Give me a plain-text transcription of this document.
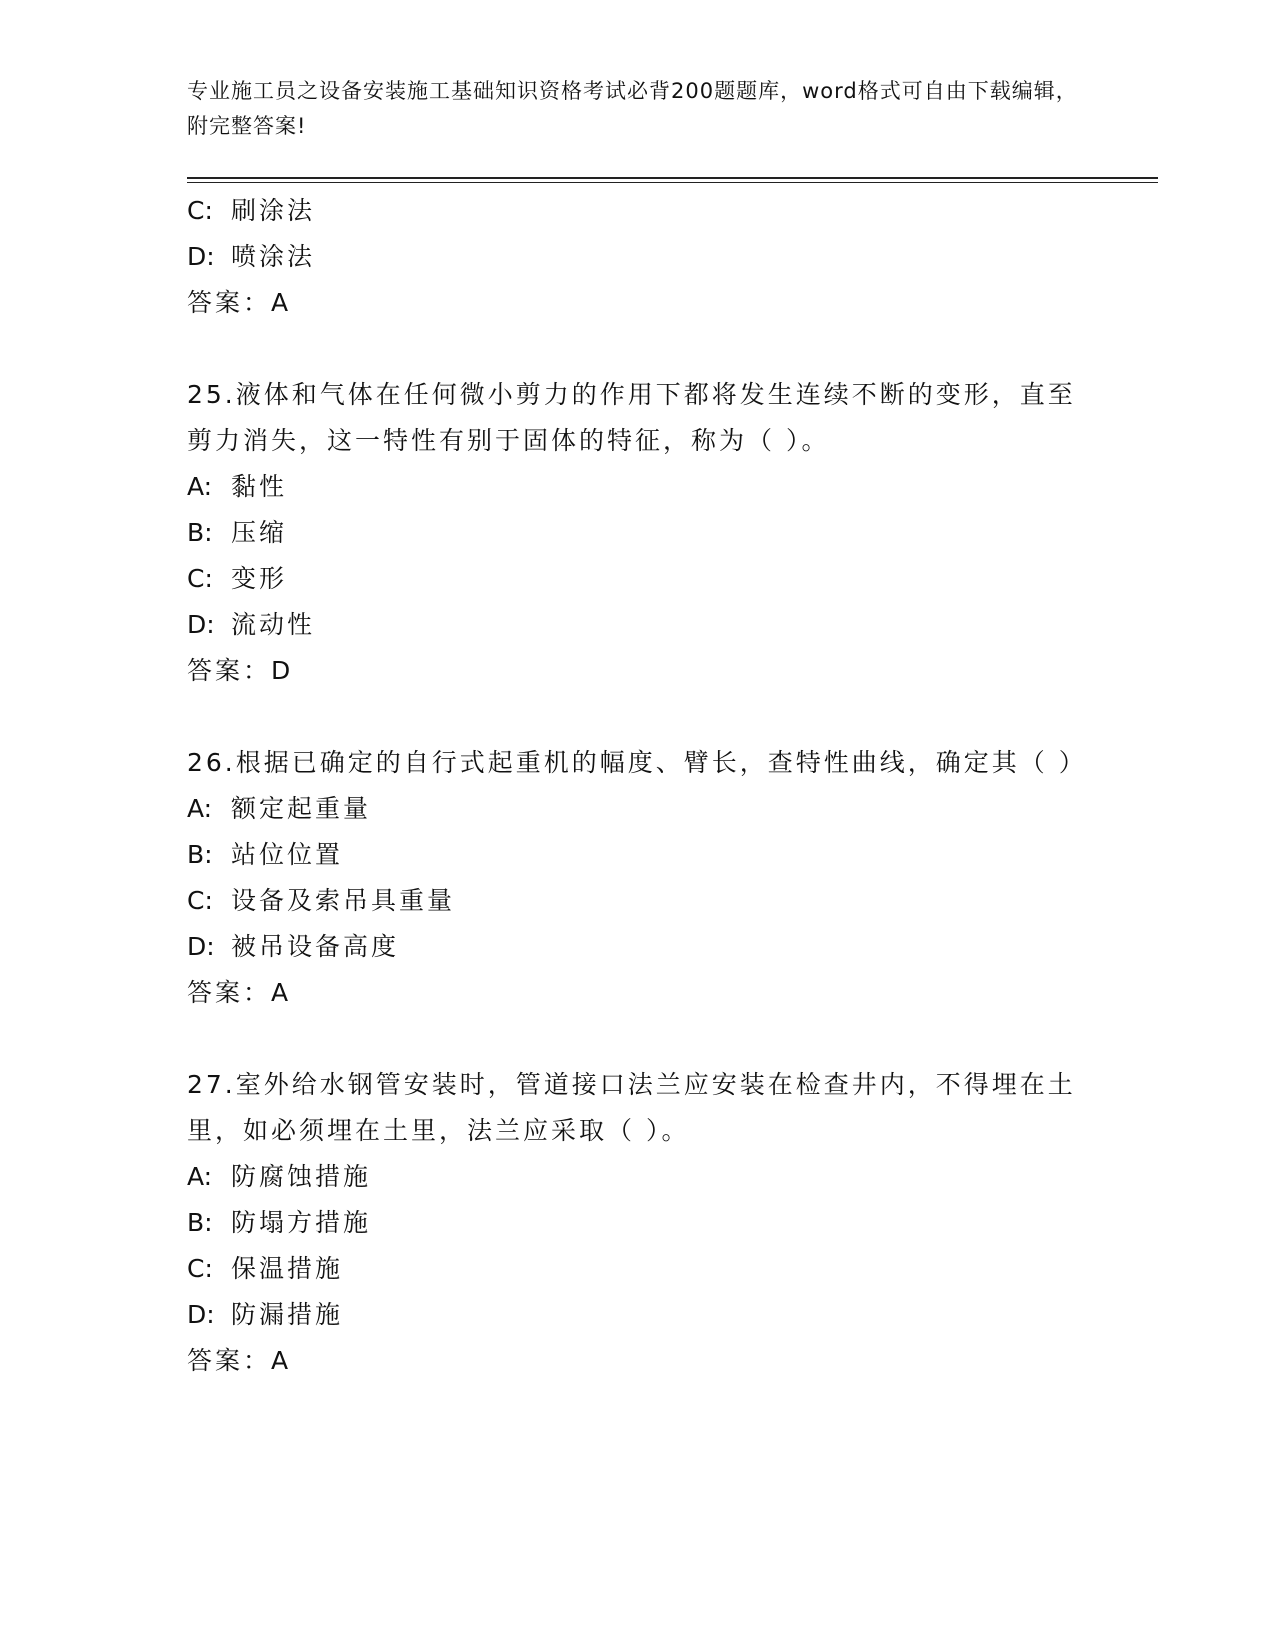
专业施工员之设备安装施工基础知识资格考试必背200题题库，word格式可自由下载编辑，附完整答案!
C: 刷涂法
D: 喷涂法
答案：A
25.液体和气体在任何微小剪力的作用下都将发生连续不断的变形，直至剪力消失，这一特性有别于固体的特征，称为（ ）。
A: 黏性
B: 压缩
C: 变形
D: 流动性
答案：D
26.根据已确定的自行式起重机的幅度、臂长，查特性曲线，确定其（ ）
A: 额定起重量
B: 站位位置
C: 设备及索吊具重量
D: 被吊设备高度
答案：A
27.室外给水钢管安装时，管道接口法兰应安装在检查井内，不得埋在土里，如必须埋在土里，法兰应采取（ ）。
A: 防腐蚀措施
B: 防塌方措施
C: 保温措施
D: 防漏措施
答案：A
